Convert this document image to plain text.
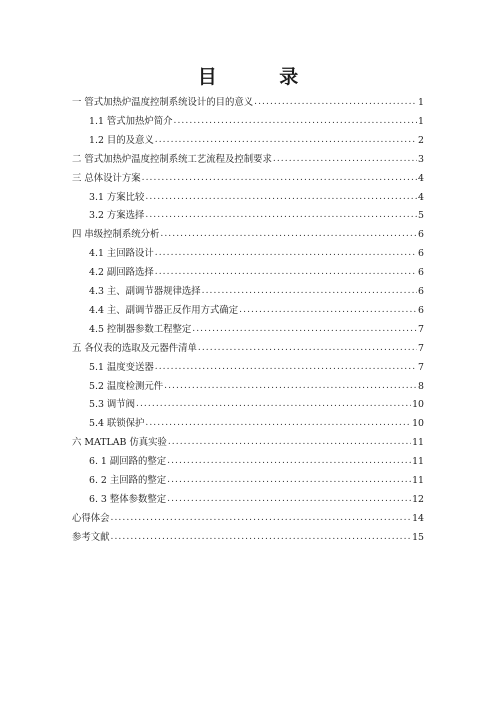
目 录
一 管式加热炉温度控制系统设计的目的意义 .....	1
1.1 管式加热炉简介 .....	1
1.2 目的及意义 .....	2
二 管式加热炉温度控制系统工艺流程及控制要求 .....	3
三 总体设计方案 .....	4
3.1 方案比较 .....	4
3.2 方案选择 .....	5
四 串级控制系统分析 .....	6
4.1 主回路设计 .....	6
4.2 副回路选择 .....	6
4.3 主、副调节器规律选择 .....	6
4.4 主、副调节器正反作用方式确定 .....	6
4.5 控制器参数工程整定 .....	7
五 各仪表的选取及元器件清单 .....	7
5.1 温度变送器 .....	7
5.2 温度检测元件 .....	8
5.3 调节阀 .....	10
5.4 联锁保护 .....	10
六 MATLAB 仿真实验 .....	11
6. 1 副回路的整定 .....	11
6. 2 主回路的整定 .....	11
6. 3 整体参数整定 .....	12
心得体会 .....	14
参考文献 .....	15
